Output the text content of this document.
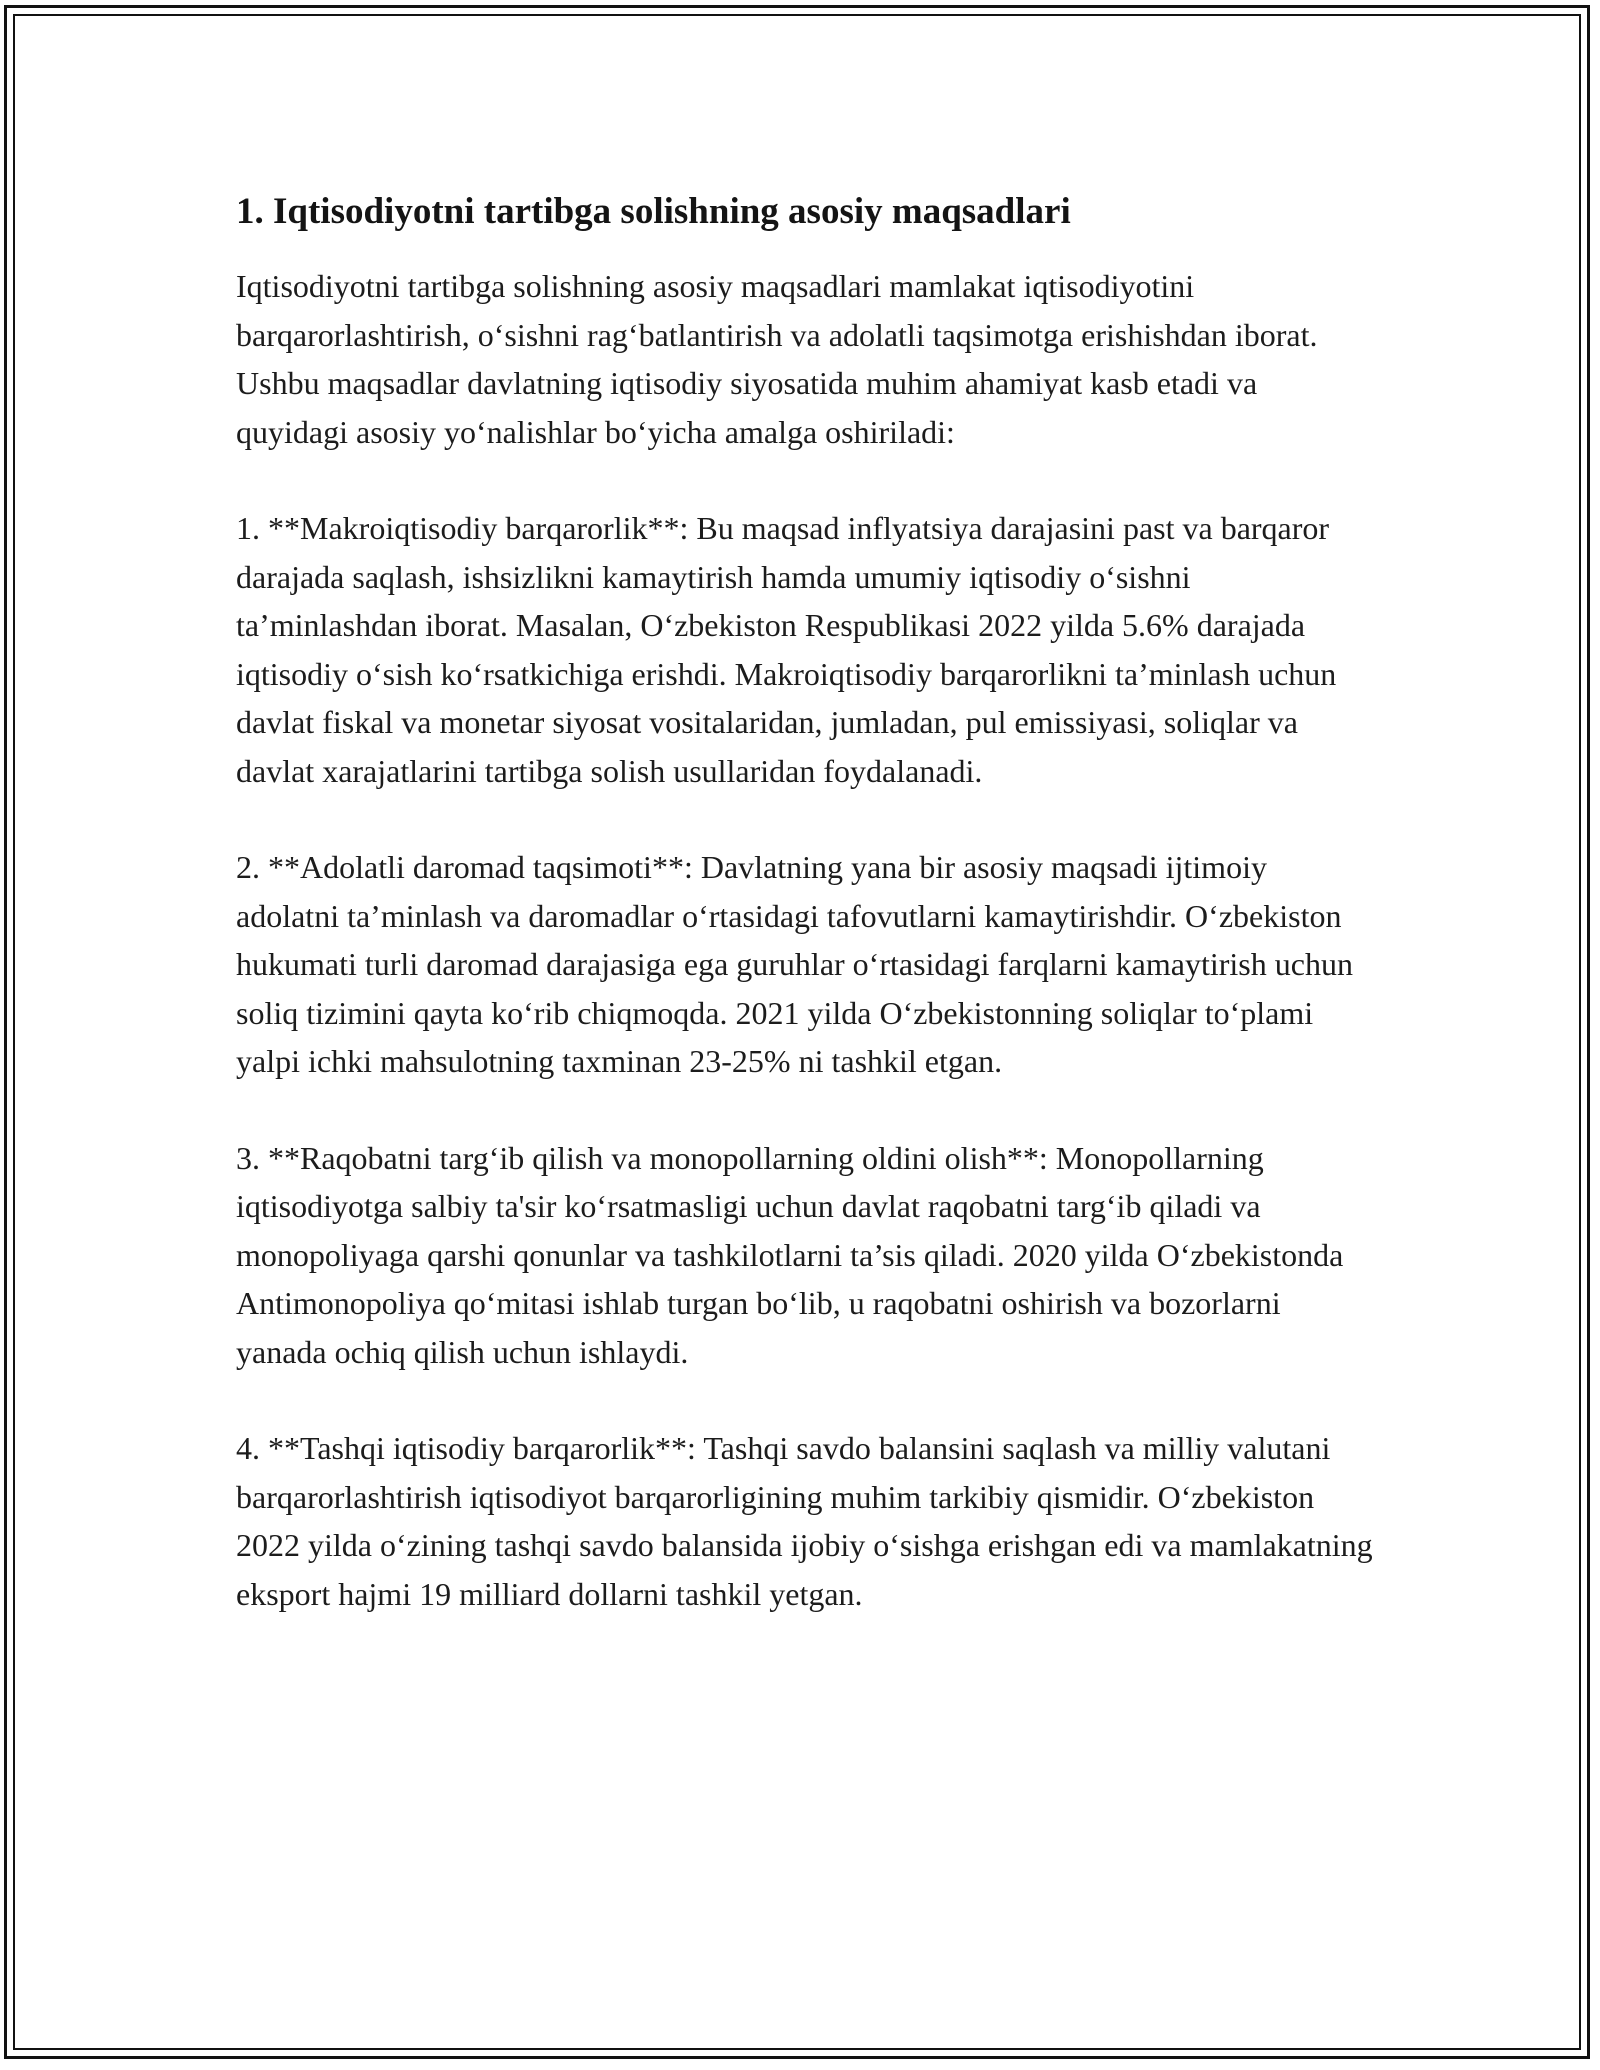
1. Iqtisodiyotni tartibga solishning asosiy maqsadlari

Iqtisodiyotni tartibga solishning asosiy maqsadlari mamlakat iqtisodiyotini barqarorlashtirish, o‘sishni rag‘batlantirish va adolatli taqsimotga erishishdan iborat. Ushbu maqsadlar davlatning iqtisodiy siyosatida muhim ahamiyat kasb etadi va quyidagi asosiy yo‘nalishlar bo‘yicha amalga oshiriladi:

1. **Makroiqtisodiy barqarorlik**: Bu maqsad inflyatsiya darajasini past va barqaror darajada saqlash, ishsizlikni kamaytirish hamda umumiy iqtisodiy o‘sishni ta’minlashdan iborat. Masalan, O‘zbekiston Respublikasi 2022 yilda 5.6% darajada iqtisodiy o‘sish ko‘rsatkichiga erishdi. Makroiqtisodiy barqarorlikni ta’minlash uchun davlat fiskal va monetar siyosat vositalaridan, jumladan, pul emissiyasi, soliqlar va davlat xarajatlarini tartibga solish usullaridan foydalanadi.

2. **Adolatli daromad taqsimoti**: Davlatning yana bir asosiy maqsadi ijtimoiy adolatni ta’minlash va daromadlar o‘rtasidagi tafovutlarni kamaytirishdir. O‘zbekiston hukumati turli daromad darajasiga ega guruhlar o‘rtasidagi farqlarni kamaytirish uchun soliq tizimini qayta ko‘rib chiqmoqda. 2021 yilda O‘zbekistonning soliqlar to‘plami yalpi ichki mahsulotning taxminan 23-25% ni tashkil etgan.

3. **Raqobatni targ‘ib qilish va monopollarning oldini olish**: Monopollarning iqtisodiyotga salbiy ta'sir ko‘rsatmasligi uchun davlat raqobatni targ‘ib qiladi va monopoliyaga qarshi qonunlar va tashkilotlarni ta’sis qiladi. 2020 yilda O‘zbekistonda Antimonopoliya qo‘mitasi ishlab turgan bo‘lib, u raqobatni oshirish va bozorlarni yanada ochiq qilish uchun ishlaydi.

4. **Tashqi iqtisodiy barqarorlik**: Tashqi savdo balansini saqlash va milliy valutani barqarorlashtirish iqtisodiyot barqarorligining muhim tarkibiy qismidir. O‘zbekiston 2022 yilda o‘zining tashqi savdo balansida ijobiy o‘sishga erishgan edi va mamlakatning eksport hajmi 19 milliard dollarni tashkil yetgan.
